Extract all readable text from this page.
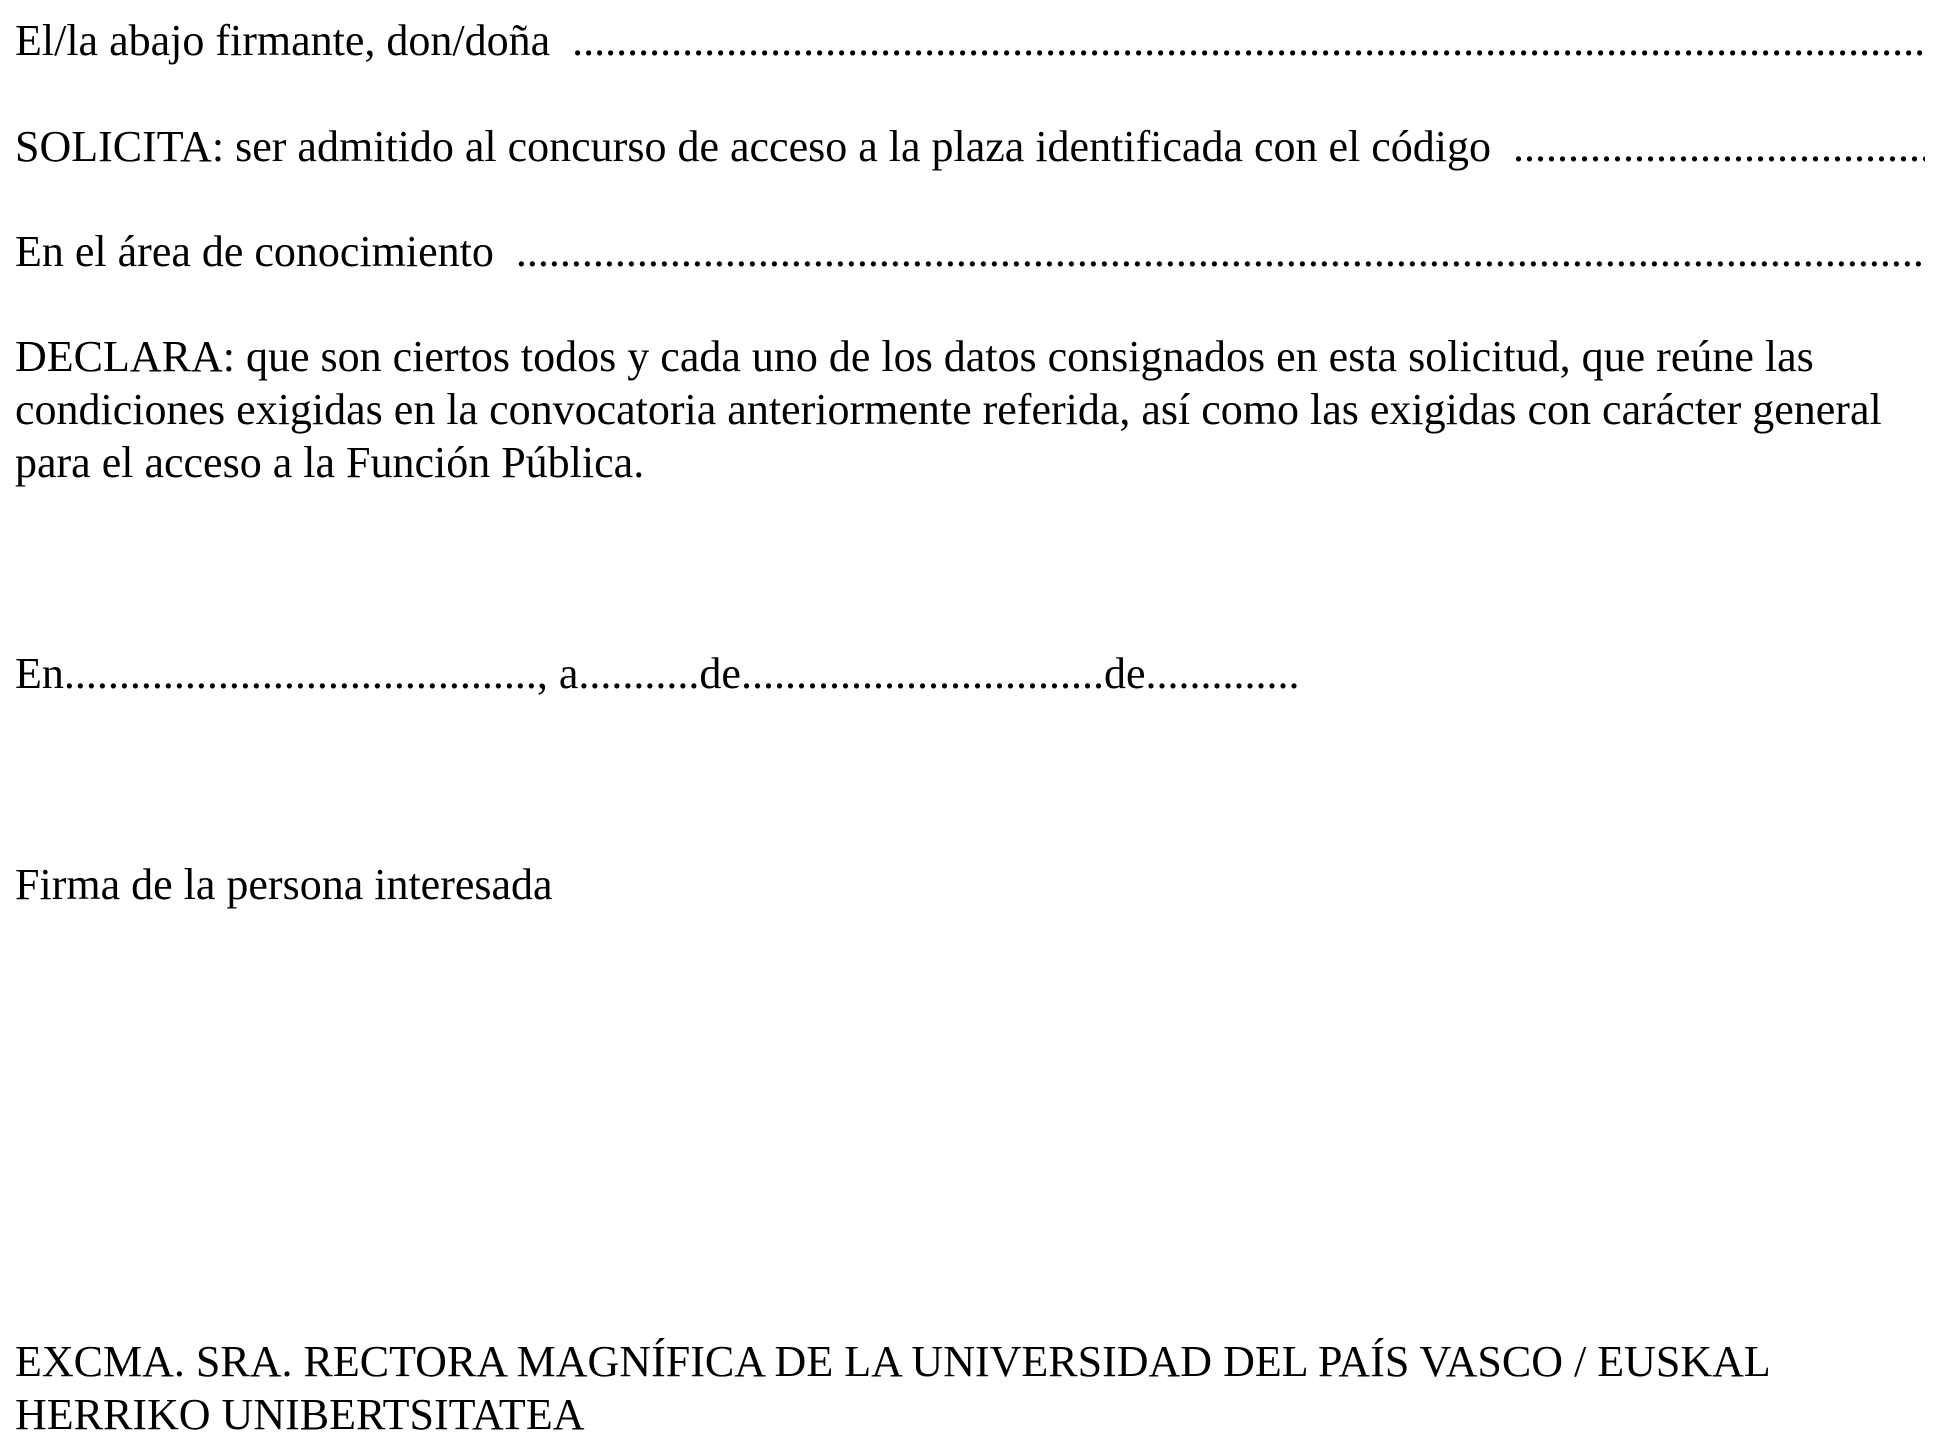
El/la abajo firmante, don/doña
.....
SOLICITA: ser admitido al concurso de acceso a la plaza identificada con el código
.....
En el área de conocimiento
.....
DECLARA: que son ciertos todos y cada uno de los datos consignados en esta solicitud, que reúne las condiciones exigidas en la convocatoria anteriormente referida, así como las exigidas con carácter general para el acceso a la Función Pública.
En..........................................., a...........de.................................de..............
Firma de la persona interesada
EXCMA. SRA. RECTORA MAGNÍFICA DE LA UNIVERSIDAD DEL PAÍS VASCO / EUSKAL HERRIKO UNIBERTSITATEA
